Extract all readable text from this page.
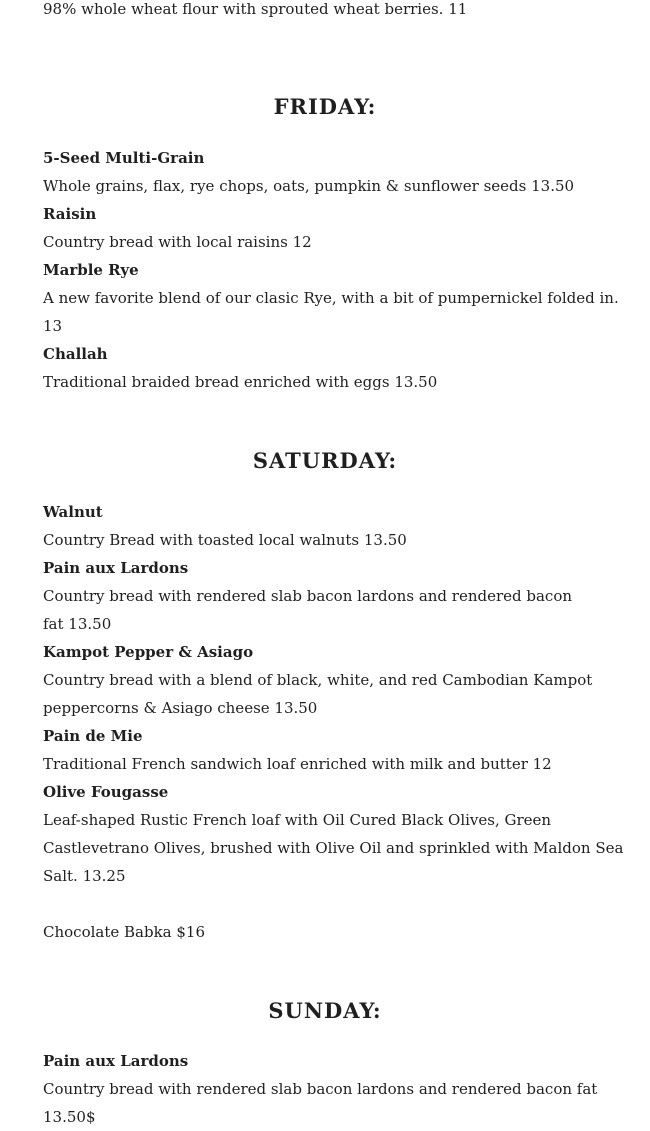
98% whole wheat flour with sprouted wheat berries. 11

FRIDAY:

5-Seed Multi-Grain

Whole grains, flax, rye chops, oats, pumpkin & sunflower seeds 13.50

Raisin

Country bread with local raisins 12

Marble Rye

A new favorite blend of our clasic Rye, with a bit of pumpernickel folded in.

13

Challah

Traditional braided bread enriched with eggs 13.50

SATURDAY:

Walnut

Country Bread with toasted local walnuts 13.50

Pain aux Lardons

Country bread with rendered slab bacon lardons and rendered bacon

fat 13.50

Kampot Pepper & Asiago

Country bread with a blend of black, white, and red Cambodian Kampot

peppercorns & Asiago cheese 13.50

Pain de Mie

Traditional French sandwich loaf enriched with milk and butter 12

Olive Fougasse

Leaf-shaped Rustic French loaf with Oil Cured Black Olives, Green

Castlevetrano Olives, brushed with Olive Oil and sprinkled with Maldon Sea

Salt. 13.25

Chocolate Babka $16

SUNDAY:

Pain aux Lardons

Country bread with rendered slab bacon lardons and rendered bacon fat

13.50$
